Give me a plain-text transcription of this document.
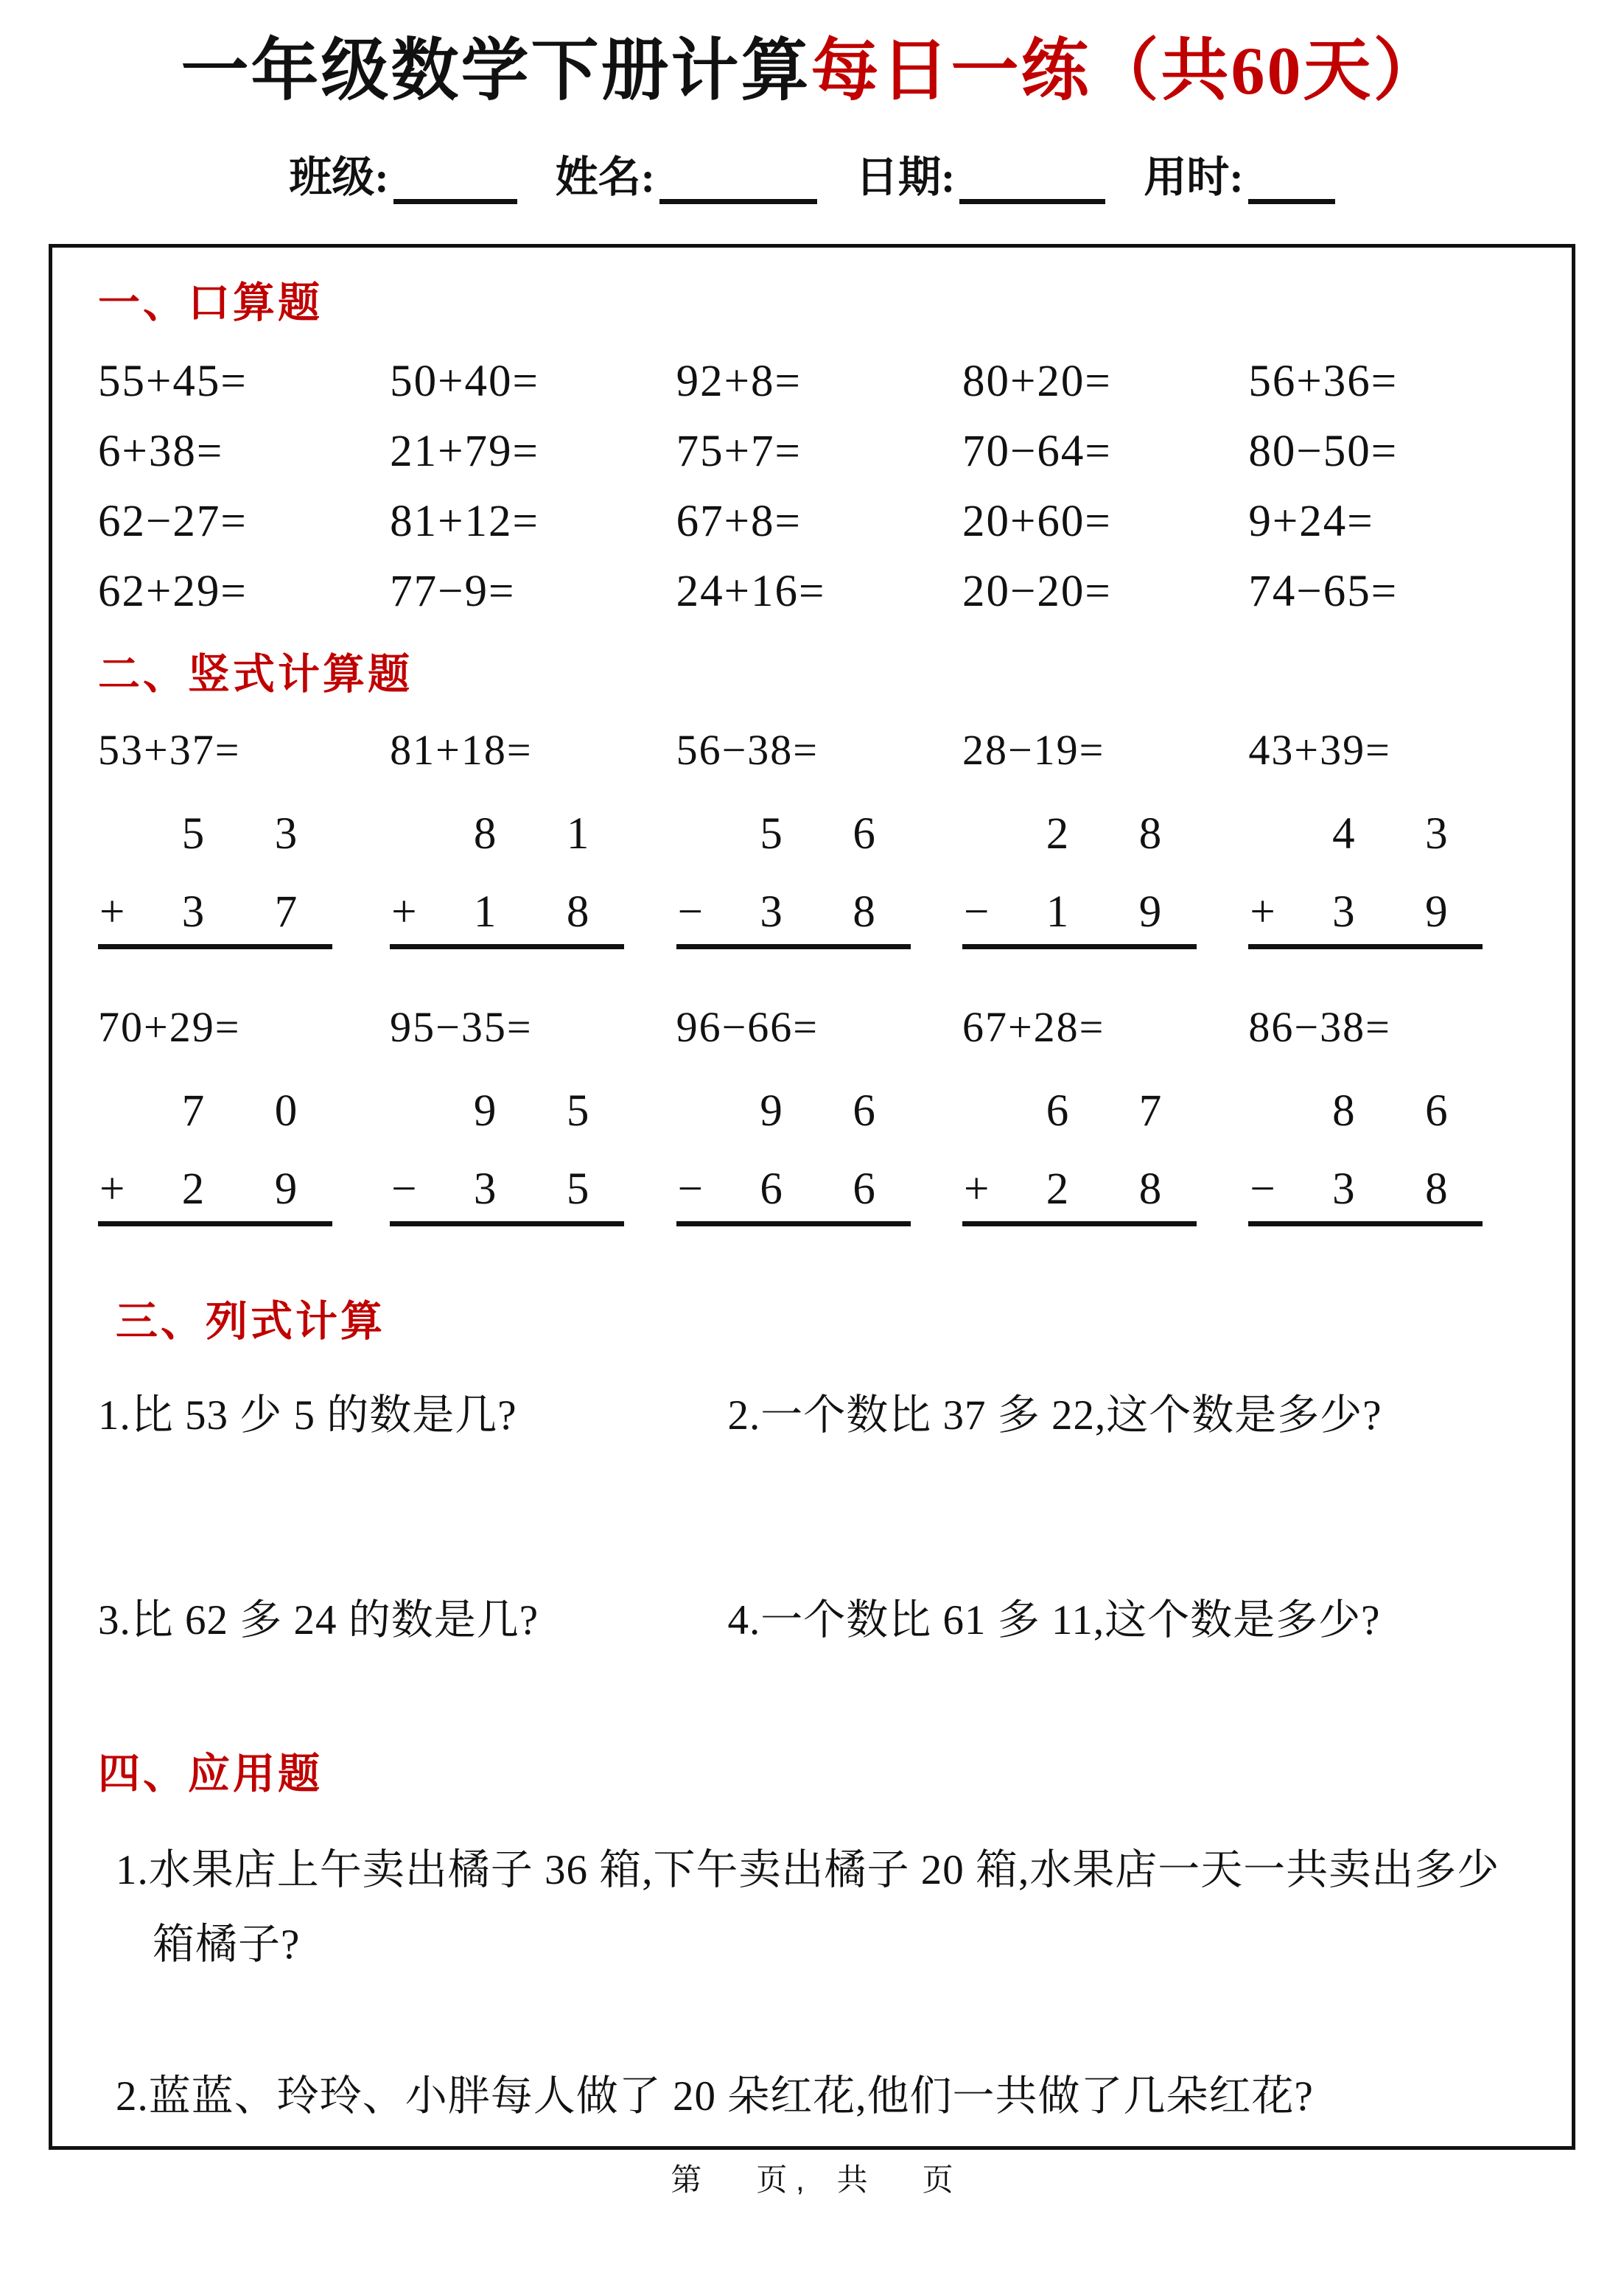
一年级数学下册计算每日一练（共60天）
班级:	姓名:	日期:	用时:
一、口算题
55+45=	50+40=	92+8=	80+20=	56+36=
6+38=	21+79=	75+7=	70−64=	80−50=
62−27=	81+12=	67+8=	20+60=	9+24=
62+29=	77−9=	24+16=	20−20=	74−65=
二、竖式计算题
53+37=
5	3
+	3	7
81+18=
8	1
+	1	8
56−38=
5	6
−	3	8
28−19=
2	8
−	1	9
43+39=
4	3
+	3	9
70+29=
7	0
+	2	9
95−35=
9	5
−	3	5
96−66=
9	6
−	6	6
67+28=
6	7
+	2	8
86−38=
8	6
−	3	8
三、列式计算
1.比 53 少 5 的数是几?	2.一个数比 37 多 22,这个数是多少?
3.比 62 多 24 的数是几?	4.一个数比 61 多 11,这个数是多少?
四、应用题
1.水果店上午卖出橘子 36 箱,下午卖出橘子 20 箱,水果店一天一共卖出多少箱橘子?
2.蓝蓝、玲玲、小胖每人做了 20 朵红花,他们一共做了几朵红花?
第 页 , 共 页
